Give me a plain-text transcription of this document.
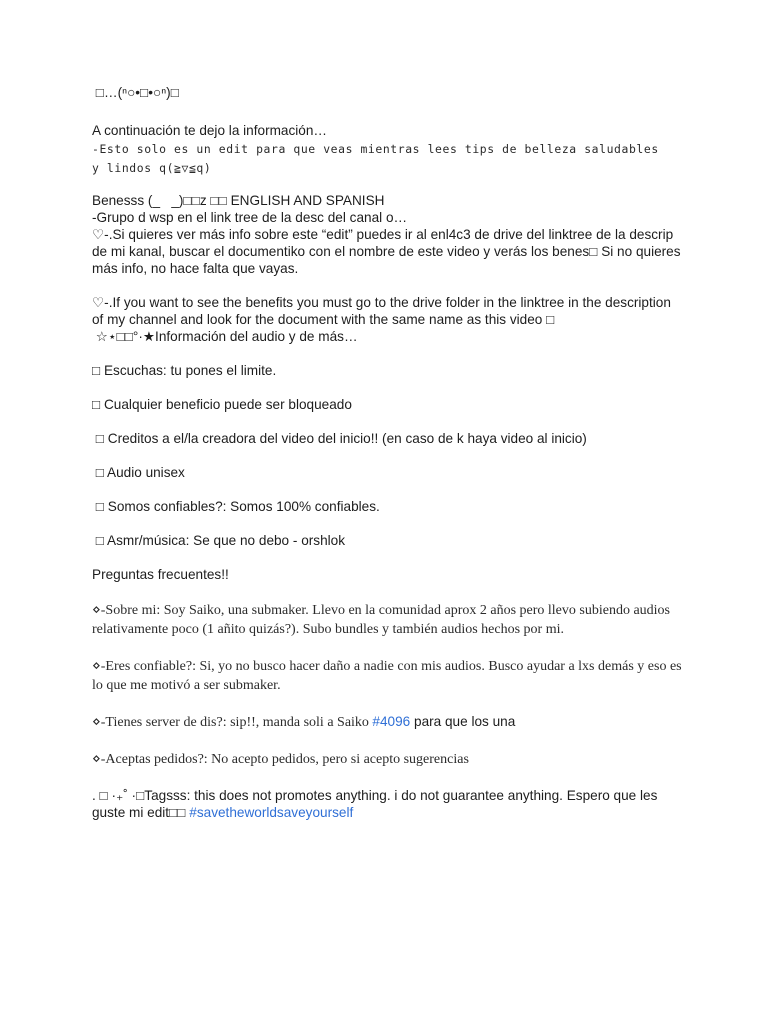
□…(ⁿ○•□•○ⁿ)□
A continuación te dejo la información…
-Esto solo es un edit para que veas mientras lees tips de belleza saludables
y lindos q(≧▽≦q)
Benesss (_   _)□□z □□ ENGLISH AND SPANISH
-Grupo d wsp en el link tree de la desc del canal o…
♡-.Si quieres ver más info sobre este “edit” puedes ir al enl4c3 de drive del linktree de la descrip de mi kanal, buscar el documentiko con el nombre de este video y verás los benes□ Si no quieres más info, no hace falta que vayas.
♡-.If you want to see the benefits you must go to the drive folder in the linktree in the description of my channel and look for the document with the same name as this video □
☆⋆□□°·★Información del audio y de más…
□ Escuchas: tu pones el limite.
□ Cualquier beneficio puede ser bloqueado
□ Creditos a el/la creadora del video del inicio!! (en caso de k haya video al inicio)
□ Audio unisex
□ Somos confiables?: Somos 100% confiables.
□ Asmr/música: Se que no debo - orshlok
Preguntas frecuentes!!
⋄-Sobre mi: Soy Saiko, una submaker. Llevo en la comunidad aprox 2 años pero llevo subiendo audios relativamente poco (1 añito quizás?). Subo bundles y también audios hechos por mi.
⋄-Eres confiable?: Si, yo no busco hacer daño a nadie con mis audios. Busco ayudar a lxs demás y eso es lo que me motivó a ser submaker.
⋄-Tienes server de dis?: sip!!, manda soli a Saiko #4096 para que los una
⋄-Aceptas pedidos?: No acepto pedidos, pero si acepto sugerencias
. □ ·₊˚ ·□Tagsss: this does not promotes anything. i do not guarantee anything. Espero que les
guste mi edit□□ #savetheworldsaveyourself
